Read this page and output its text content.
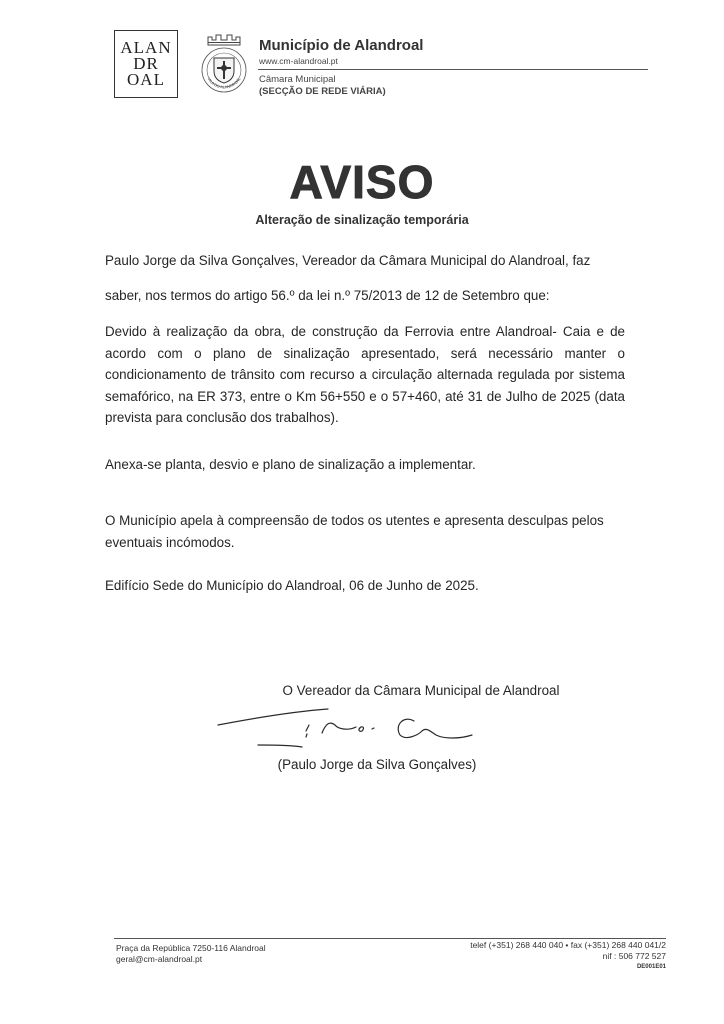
ALAN
DR
OAL	VILA DO ALANDROAL
Município de Alandroal
www.cm-alandroal.pt
Câmara Municipal
(SECÇÃO DE REDE VIÁRIA)
AVISO
Alteração de sinalização temporária
Paulo Jorge da Silva Gonçalves, Vereador da Câmara Municipal do Alandroal, faz
saber, nos termos do artigo 56.º da lei n.º 75/2013 de 12 de Setembro que:
Devido à realização da obra, de construção da Ferrovia entre Alandroal- Caia e de acordo com o plano de sinalização apresentado, será necessário manter o condicionamento de trânsito com recurso a circulação alternada regulada por sistema semafórico, na ER 373, entre o Km 56+550 e o 57+460, até 31 de Julho de 2025 (data prevista para conclusão dos trabalhos).
Anexa-se planta, desvio e plano de sinalização a implementar.
O Município apela à compreensão de todos os utentes e apresenta desculpas pelos eventuais incómodos.
Edifício Sede do Município do Alandroal, 06 de Junho de 2025.
O Vereador da Câmara Municipal de Alandroal
(Paulo Jorge da Silva Gonçalves)
Praça da República 7250-116 Alandroal
geral@cm-alandroal.pt
telef (+351) 268 440 040 • fax (+351) 268 440 041/2
nif : 506 772 527
DE001E01
